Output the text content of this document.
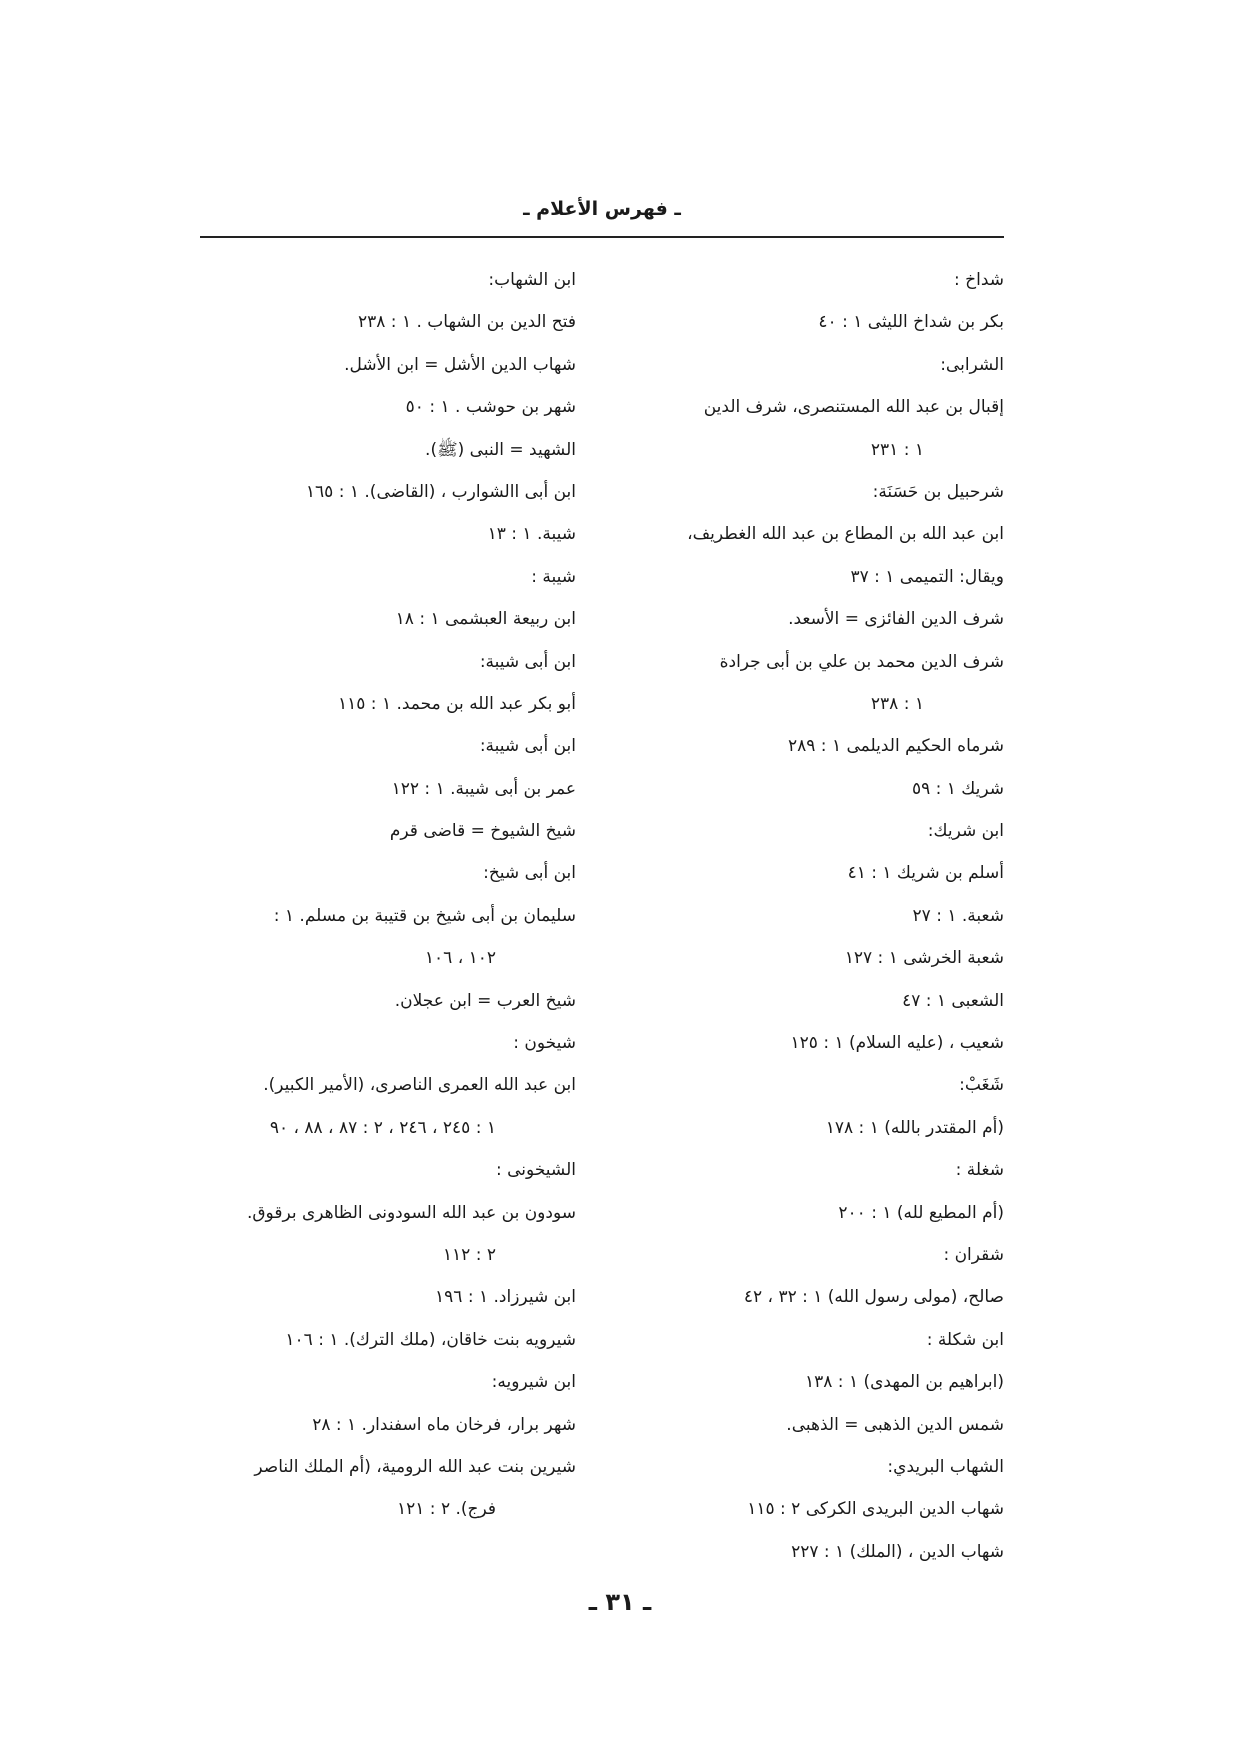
ـ فهرس الأعلام ـ
شداخ :
بكر بن شداخ الليثى ١ : ٤٠
الشرابى:
إقبال بن عبد الله المستنصرى، شرف الدين
١ : ٢٣١
شرحبيل بن حَسَنَة:
ابن عبد الله بن المطاع بن عبد الله الغطريف،
ويقال: التميمى ١ : ٣٧
شرف الدين الفائزى = الأسعد.
شرف الدين محمد بن علي بن أبى جرادة
١ : ٢٣٨
شرماه الحكيم الديلمى ١ : ٢٨٩
شريك ١ : ٥٩
ابن شريك:
أسلم بن شريك ١ : ٤١
شعبة. ١ : ٢٧
شعبة الخرشى ١ : ١٢٧
الشعبى ١ : ٤٧
شعيب ، (عليه السلام) ١ : ١٢٥
شَغَبْ:
(أم المقتدر بالله) ١ : ١٧٨
شغلة :
(أم المطيع لله) ١ : ٢٠٠
شقران :
صالح، (مولى رسول الله) ١ : ٣٢ ، ٤٢
ابن شكلة :
(ابراهيم بن المهدى) ١ : ١٣٨
شمس الدين الذهبى = الذهبى.
الشهاب البريدي:
شهاب الدين البريدى الكركى ٢ : ١١٥
شهاب الدين ، (الملك) ١ : ٢٢٧
ابن الشهاب:
فتح الدين بن الشهاب . ١ : ٢٣٨
شهاب الدين الأشل = ابن الأشل.
شهر بن حوشب . ١ : ٥٠
الشهيد = النبى (ﷺ).
ابن أبى االشوارب ، (القاضى). ١ : ١٦٥
شيبة. ١ : ١٣
شيبة :
ابن ربيعة العبشمى ١ : ١٨
ابن أبى شيبة:
أبو بكر عبد الله بن محمد. ١ : ١١٥
ابن أبى شيبة:
عمر بن أبى شيبة. ١ : ١٢٢
شيخ الشيوخ = قاضى قرم
ابن أبى شيخ:
سليمان بن أبى شيخ بن قتيبة بن مسلم. ١ :
١٠٢ ، ١٠٦
شيخ العرب = ابن عجلان.
شيخون :
ابن عبد الله العمرى الناصرى، (الأمير الكبير).
١ : ٢٤٥ ، ٢٤٦ ، ٢ : ٨٧ ، ٨٨ ، ٩٠
الشيخونى :
سودون بن عبد الله السودونى الظاهرى برقوق.
٢ : ١١٢
ابن شيرزاد. ١ : ١٩٦
شيرويه بنت خاقان، (ملك الترك). ١ : ١٠٦
ابن شيرويه:
شهر برار، فرخان ماه اسفندار. ١ : ٢٨
شيرين بنت عبد الله الرومية، (أم الملك الناصر
فرج). ٢ : ١٢١
ـ ٣١ ـ
